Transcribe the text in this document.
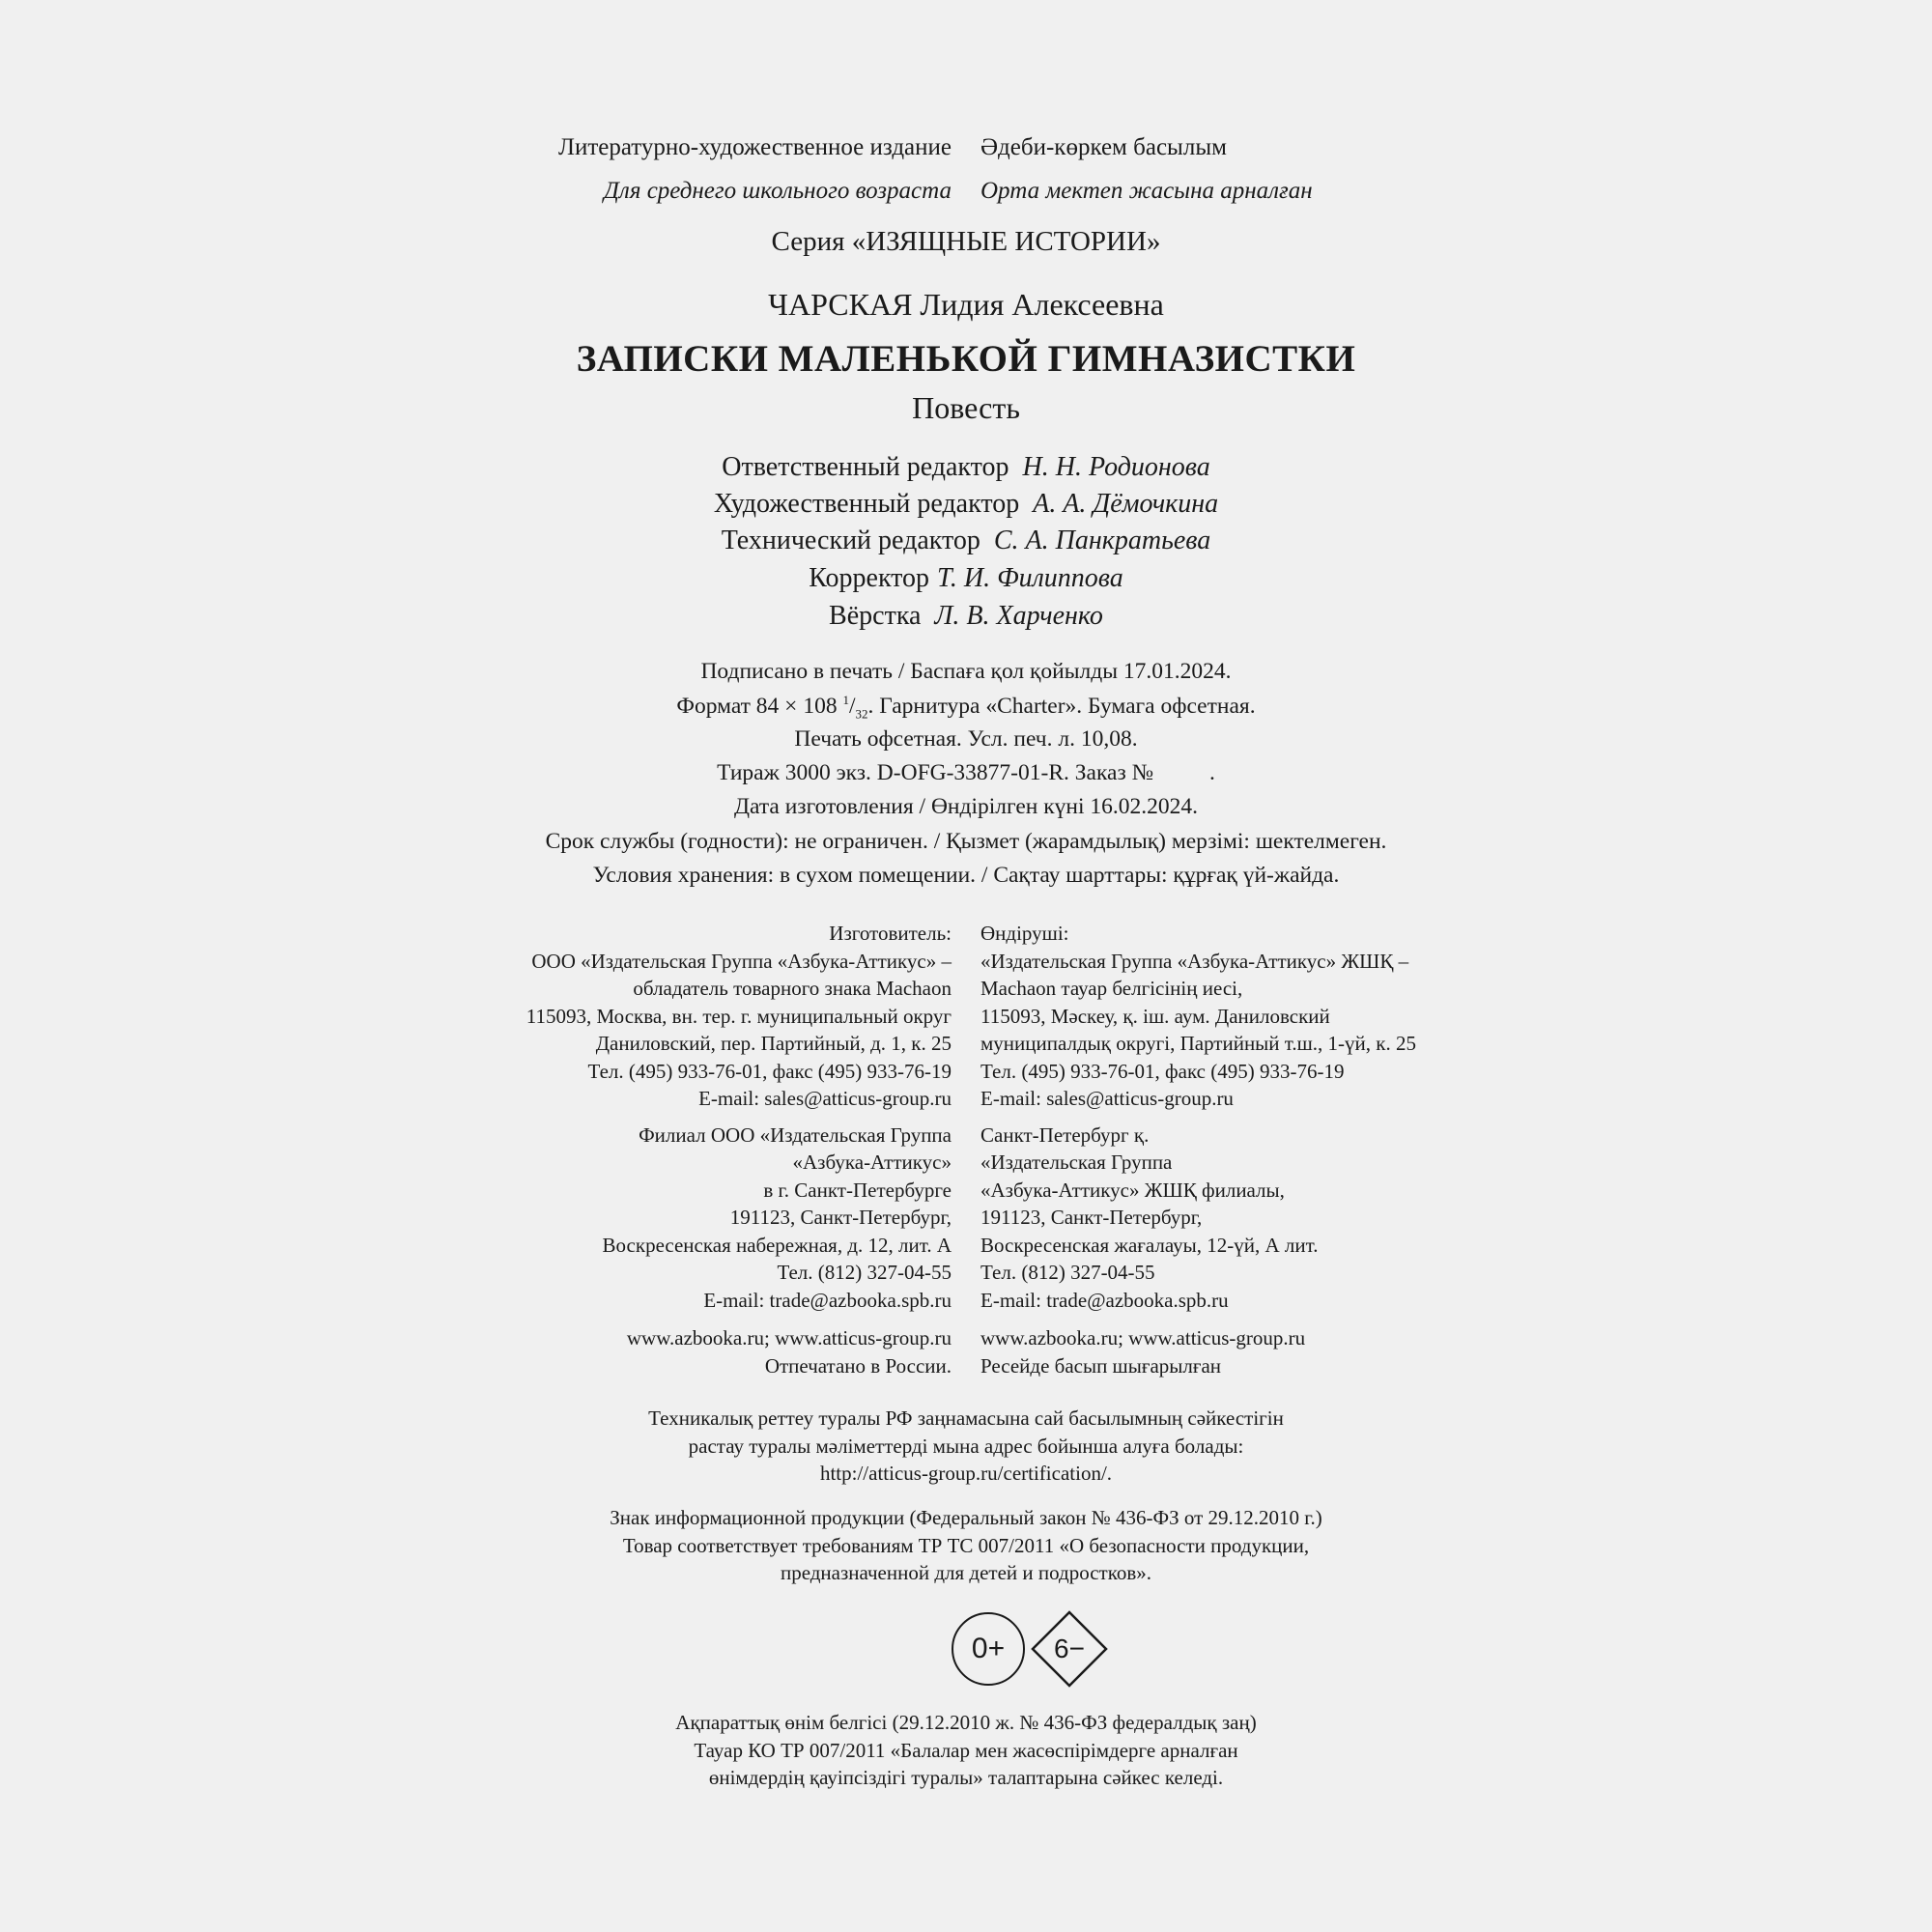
Литературно-художественное издание Әдеби-көркем басылым
Для среднего школьного возраста Орта мектеп жасына арналған
Серия «ИЗЯЩНЫЕ ИСТОРИИ»
ЧАРСКАЯ Лидия Алексеевна
ЗАПИСКИ МАЛЕНЬКОЙ ГИМНАЗИСТКИ
Повесть
Ответственный редактор Н. Н. Родионова
Художественный редактор А. А. Дёмочкина
Технический редактор С. А. Панкратьева
Корректор Т. И. Филиппова
Вёрстка Л. В. Харченко
Подписано в печать / Баспаға қол қойылды 17.01.2024.
Формат 84 × 108 $^1/_{32}$. Гарнитура «Charter». Бумага офсетная.
Печать офсетная. Усл. печ. л. 10,08.
Тираж 3000 экз. D-OFG-33877-01-R. Заказ № .
Дата изготовления / Өндірілген күні 16.02.2024.
Срок службы (годности): не ограничен. / Қызмет (жарамдылық) мерзімі: шектелмеген.
Условия хранения: в сухом помещении. / Сақтау шарттары: құрғақ үй-жайда.
Изготовитель:
ООО «Издательская Группа «Азбука-Аттикус» –
обладатель товарного знака Machaon
115093, Москва, вн. тер. г. муниципальный округ
Даниловский, пер. Партийный, д. 1, к. 25
Тел. (495) 933-76-01, факс (495) 933-76-19
E-mail: sales@atticus-group.ru
Филиал ООО «Издательская Группа
«Азбука-Аттикус»
в г. Санкт-Петербурге
191123, Санкт-Петербург,
Воскресенская набережная, д. 12, лит. А
Тел. (812) 327-04-55
E-mail: trade@azbooka.spb.ru
www.azbooka.ru; www.atticus-group.ru
Отпечатано в России.
Өндіруші:
«Издательская Группа «Азбука-Аттикус» ЖШҚ –
Machaon тауар белгісінің иесі,
115093, Мәскеу, қ. іш. аум. Даниловский
муниципалдық округі, Партийный т.ш., 1-үй, к. 25
Тел. (495) 933-76-01, факс (495) 933-76-19
E-mail: sales@atticus-group.ru
Санкт-Петербург қ.
«Издательская Группа
«Азбука-Аттикус» ЖШҚ филиалы,
191123, Санкт-Петербург,
Воскресенская жағалауы, 12-үй, А лит.
Тел. (812) 327-04-55
E-mail: trade@azbooka.spb.ru
www.azbooka.ru; www.atticus-group.ru
Ресейде басып шығарылған
Техникалық реттеу туралы РФ заңнамасына сай басылымның сәйкестігін
растау туралы мәліметтерді мына адрес бойынша алуға болады:
http://atticus-group.ru/certification/.
Знак информационной продукции (Федеральный закон № 436-ФЗ от 29.12.2010 г.)
Товар соответствует требованиям ТР ТС 007/2011 «О безопасности продукции,
предназначенной для детей и подростков».
0+	6−
Ақпараттық өнім белгісі (29.12.2010 ж. № 436-ФЗ федералдық заң)
Тауар КО ТР 007/2011 «Балалар мен жасөспірімдерге арналған
өнімдердің қауіпсіздігі туралы» талаптарына сәйкес келеді.
